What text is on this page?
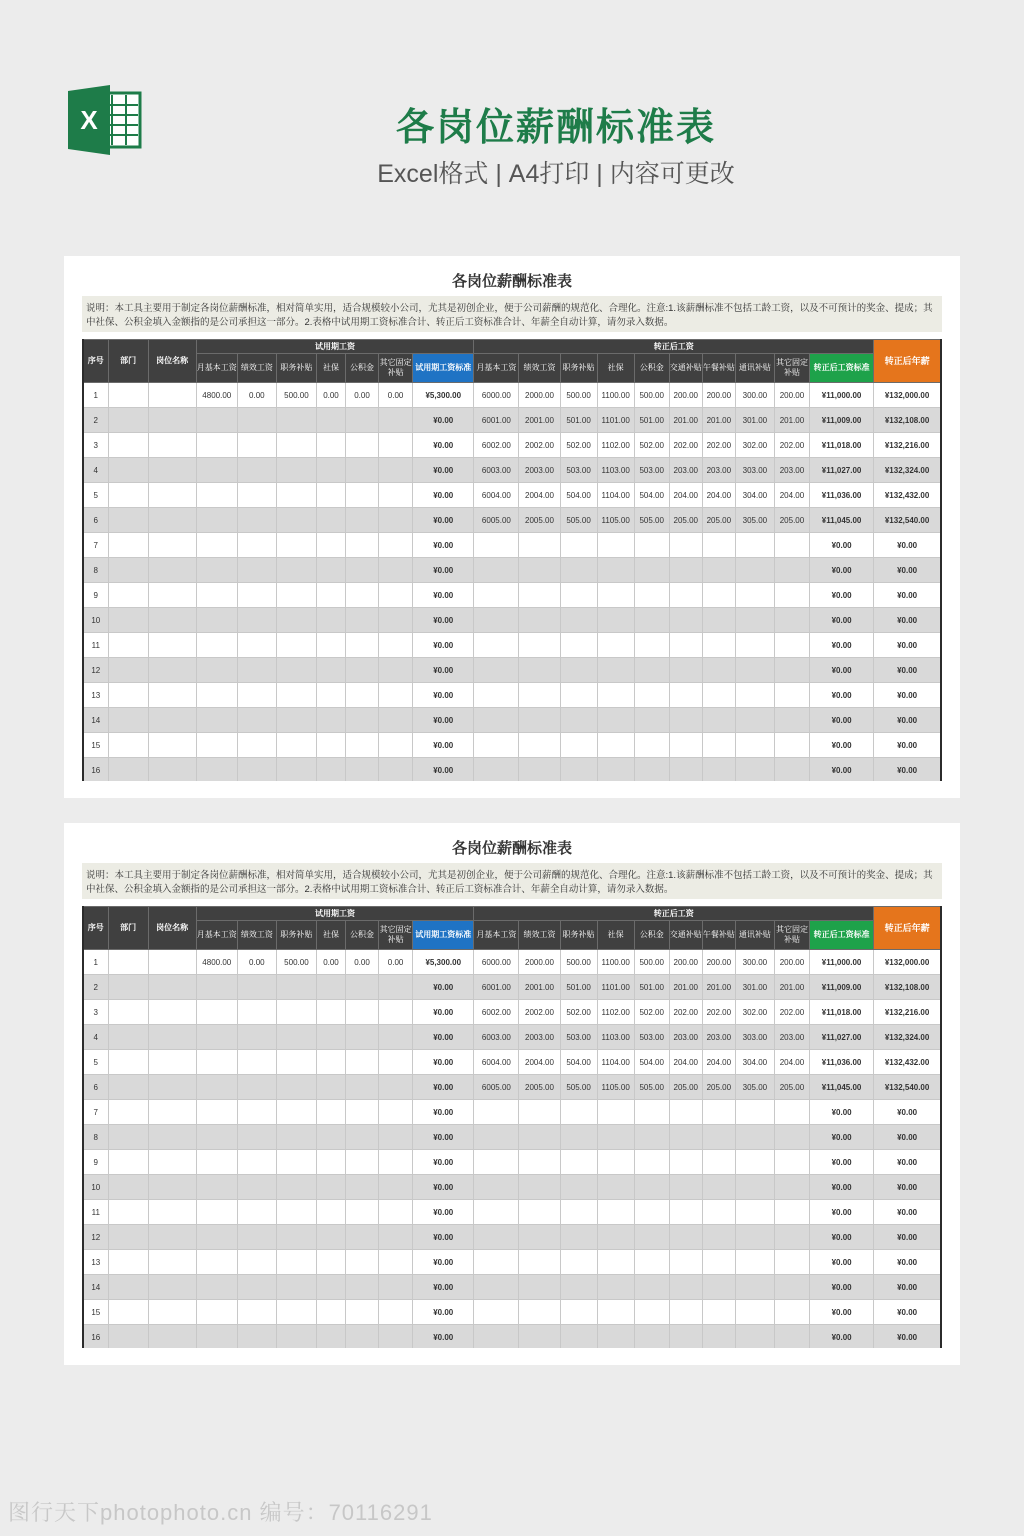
X	各岗位薪酬标准表
Excel格式 | A4打印 | 内容可更改
各岗位薪酬标准表
说明：本工具主要用于制定各岗位薪酬标准，相对简单实用，适合规模较小公司，尤其是初创企业，便于公司薪酬的规范化、合理化。注意:1.该薪酬标准不包括工龄工资，以及不可预计的奖金、提成；其中社保、公积金填入金额指的是公司承担这一部分。2.表格中试用期工资标准合计、转正后工资标准合计、年薪全自动计算，请勿录入数据。
序号	部门	岗位名称	试用期工资							转正后工资										转正后年薪
			月基本工资	绩效工资	职务补贴	社保	公积金	其它固定补贴	试用期工资标准	月基本工资	绩效工资	职务补贴	社保	公积金	交通补贴	午餐补贴	通讯补贴	其它固定补贴	转正后工资标准	
1			4800.00	0.00	500.00	0.00	0.00	0.00	¥5,300.00	6000.00	2000.00	500.00	1100.00	500.00	200.00	200.00	300.00	200.00	¥11,000.00	¥132,000.00
2									¥0.00	6001.00	2001.00	501.00	1101.00	501.00	201.00	201.00	301.00	201.00	¥11,009.00	¥132,108.00
3									¥0.00	6002.00	2002.00	502.00	1102.00	502.00	202.00	202.00	302.00	202.00	¥11,018.00	¥132,216.00
4									¥0.00	6003.00	2003.00	503.00	1103.00	503.00	203.00	203.00	303.00	203.00	¥11,027.00	¥132,324.00
5									¥0.00	6004.00	2004.00	504.00	1104.00	504.00	204.00	204.00	304.00	204.00	¥11,036.00	¥132,432.00
6									¥0.00	6005.00	2005.00	505.00	1105.00	505.00	205.00	205.00	305.00	205.00	¥11,045.00	¥132,540.00
7									¥0.00										¥0.00	¥0.00
8									¥0.00										¥0.00	¥0.00
9									¥0.00										¥0.00	¥0.00
10									¥0.00										¥0.00	¥0.00
11									¥0.00										¥0.00	¥0.00
12									¥0.00										¥0.00	¥0.00
13									¥0.00										¥0.00	¥0.00
14									¥0.00										¥0.00	¥0.00
15									¥0.00										¥0.00	¥0.00
16									¥0.00										¥0.00	¥0.00
各岗位薪酬标准表
说明：本工具主要用于制定各岗位薪酬标准，相对简单实用，适合规模较小公司，尤其是初创企业，便于公司薪酬的规范化、合理化。注意:1.该薪酬标准不包括工龄工资，以及不可预计的奖金、提成；其中社保、公积金填入金额指的是公司承担这一部分。2.表格中试用期工资标准合计、转正后工资标准合计、年薪全自动计算，请勿录入数据。
序号	部门	岗位名称	试用期工资							转正后工资										转正后年薪
			月基本工资	绩效工资	职务补贴	社保	公积金	其它固定补贴	试用期工资标准	月基本工资	绩效工资	职务补贴	社保	公积金	交通补贴	午餐补贴	通讯补贴	其它固定补贴	转正后工资标准	
1			4800.00	0.00	500.00	0.00	0.00	0.00	¥5,300.00	6000.00	2000.00	500.00	1100.00	500.00	200.00	200.00	300.00	200.00	¥11,000.00	¥132,000.00
2									¥0.00	6001.00	2001.00	501.00	1101.00	501.00	201.00	201.00	301.00	201.00	¥11,009.00	¥132,108.00
3									¥0.00	6002.00	2002.00	502.00	1102.00	502.00	202.00	202.00	302.00	202.00	¥11,018.00	¥132,216.00
4									¥0.00	6003.00	2003.00	503.00	1103.00	503.00	203.00	203.00	303.00	203.00	¥11,027.00	¥132,324.00
5									¥0.00	6004.00	2004.00	504.00	1104.00	504.00	204.00	204.00	304.00	204.00	¥11,036.00	¥132,432.00
6									¥0.00	6005.00	2005.00	505.00	1105.00	505.00	205.00	205.00	305.00	205.00	¥11,045.00	¥132,540.00
7									¥0.00										¥0.00	¥0.00
8									¥0.00										¥0.00	¥0.00
9									¥0.00										¥0.00	¥0.00
10									¥0.00										¥0.00	¥0.00
11									¥0.00										¥0.00	¥0.00
12									¥0.00										¥0.00	¥0.00
13									¥0.00										¥0.00	¥0.00
14									¥0.00										¥0.00	¥0.00
15									¥0.00										¥0.00	¥0.00
16									¥0.00										¥0.00	¥0.00
图行天下photophoto.cn 编号：70116291
